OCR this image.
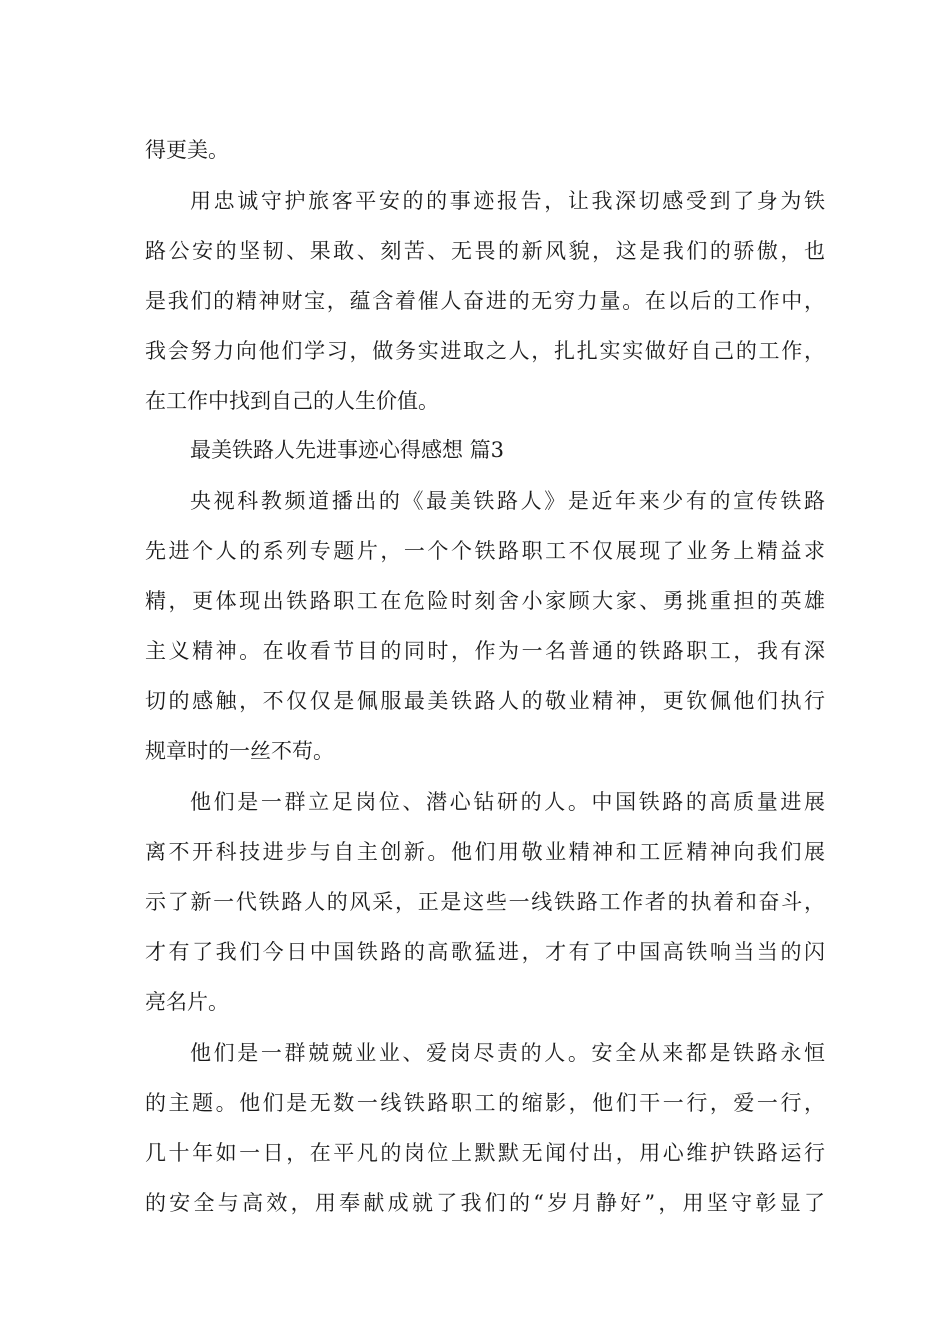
得更美。
用忠诚守护旅客平安的的事迹报告，让我深切感受到了身为铁
路公安的坚韧、果敢、刻苦、无畏的新风貌，这是我们的骄傲，也
是我们的精神财宝，蕴含着催人奋进的无穷力量。在以后的工作中，
我会努力向他们学习，做务实进取之人，扎扎实实做好自己的工作，
在工作中找到自己的人生价值。
最美铁路人先进事迹心得感想 篇3
央视科教频道播出的《最美铁路人》是近年来少有的宣传铁路
先进个人的系列专题片，一个个铁路职工不仅展现了业务上精益求
精，更体现出铁路职工在危险时刻舍小家顾大家、勇挑重担的英雄
主义精神。在收看节目的同时，作为一名普通的铁路职工，我有深
切的感触，不仅仅是佩服最美铁路人的敬业精神，更钦佩他们执行
规章时的一丝不苟。
他们是一群立足岗位、潜心钻研的人。中国铁路的高质量进展
离不开科技进步与自主创新。他们用敬业精神和工匠精神向我们展
示了新一代铁路人的风采，正是这些一线铁路工作者的执着和奋斗，
才有了我们今日中国铁路的高歌猛进，才有了中国高铁响当当的闪
亮名片。
他们是一群兢兢业业、爱岗尽责的人。安全从来都是铁路永恒
的主题。他们是无数一线铁路职工的缩影，他们干一行，爱一行，
几十年如一日，在平凡的岗位上默默无闻付出，用心维护铁路运行
的安全与高效，用奉献成就了我们的“岁月静好”，用坚守彰显了
